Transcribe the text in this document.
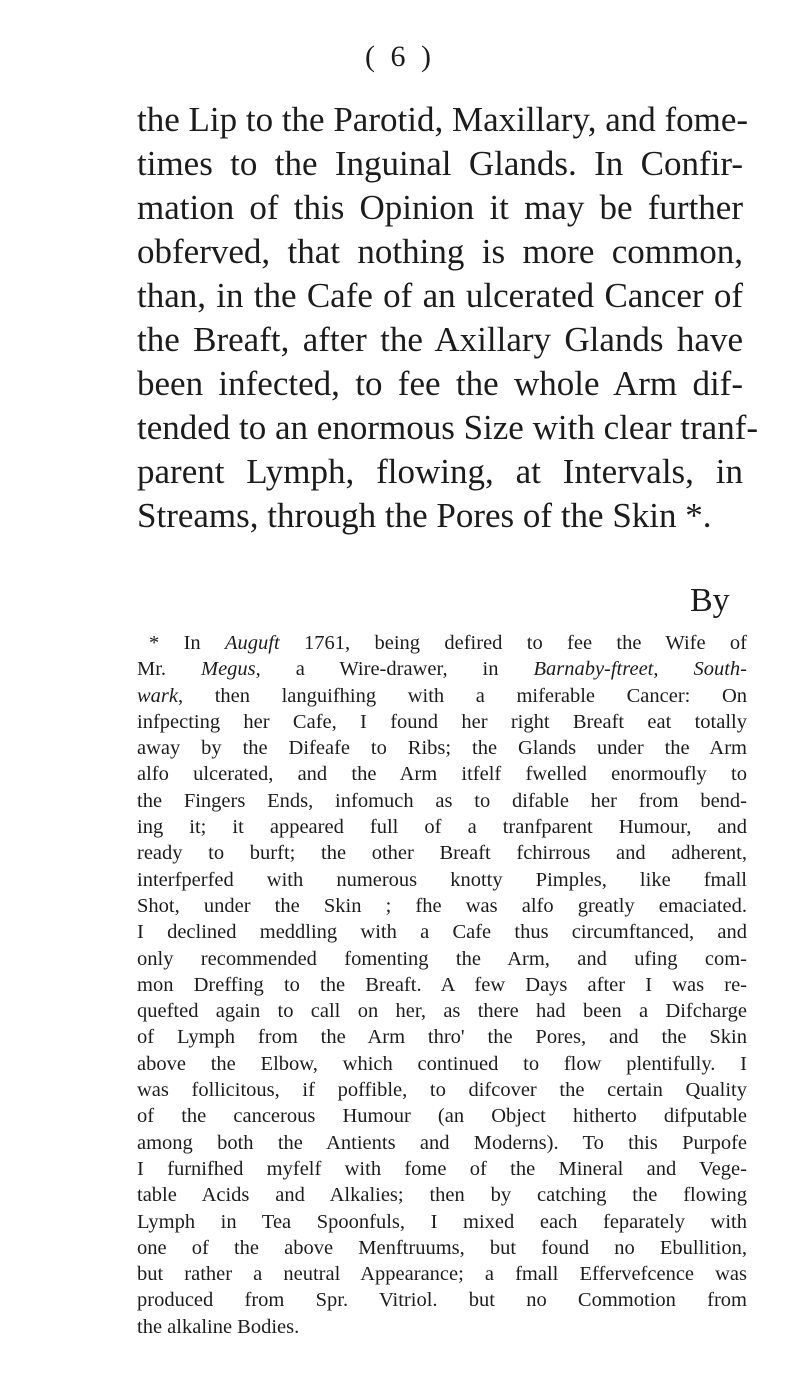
( 6 )
the Lip to the Parotid, Maxillary, and fome-
times to the Inguinal Glands. In Confir-
mation of this Opinion it may be further
obferved, that nothing is more common,
than, in the Cafe of an ulcerated Cancer of
the Breaft, after the Axillary Glands have
been infected, to fee the whole Arm dif-
tended to an enormous Size with clear tranf-
parent Lymph, flowing, at Intervals, in
Streams, through the Pores of the Skin *.
By
* In Auguft 1761, being defired to fee the Wife of
Mr. Megus, a Wire-drawer, in Barnaby-ftreet, South-
wark, then languifhing with a miferable Cancer: On
infpecting her Cafe, I found her right Breaft eat totally
away by the Difeafe to Ribs; the Glands under the Arm
alfo ulcerated, and the Arm itfelf fwelled enormoufly to
the Fingers Ends, infomuch as to difable her from bend-
ing it; it appeared full of a tranfparent Humour, and
ready to burft; the other Breaft fchirrous and adherent,
interfperfed with numerous knotty Pimples, like fmall
Shot, under the Skin ; fhe was alfo greatly emaciated.
I declined meddling with a Cafe thus circumftanced, and
only recommended fomenting the Arm, and ufing com-
mon Dreffing to the Breaft. A few Days after I was re-
quefted again to call on her, as there had been a Difcharge
of Lymph from the Arm thro' the Pores, and the Skin
above the Elbow, which continued to flow plentifully. I
was follicitous, if poffible, to difcover the certain Quality
of the cancerous Humour (an Object hitherto difputable
among both the Antients and Moderns). To this Purpofe
I furnifhed myfelf with fome of the Mineral and Vege-
table Acids and Alkalies; then by catching the flowing
Lymph in Tea Spoonfuls, I mixed each feparately with
one of the above Menftruums, but found no Ebullition,
but rather a neutral Appearance; a fmall Effervefcence was
produced from Spr. Vitriol. but no Commotion from
the alkaline Bodies.
